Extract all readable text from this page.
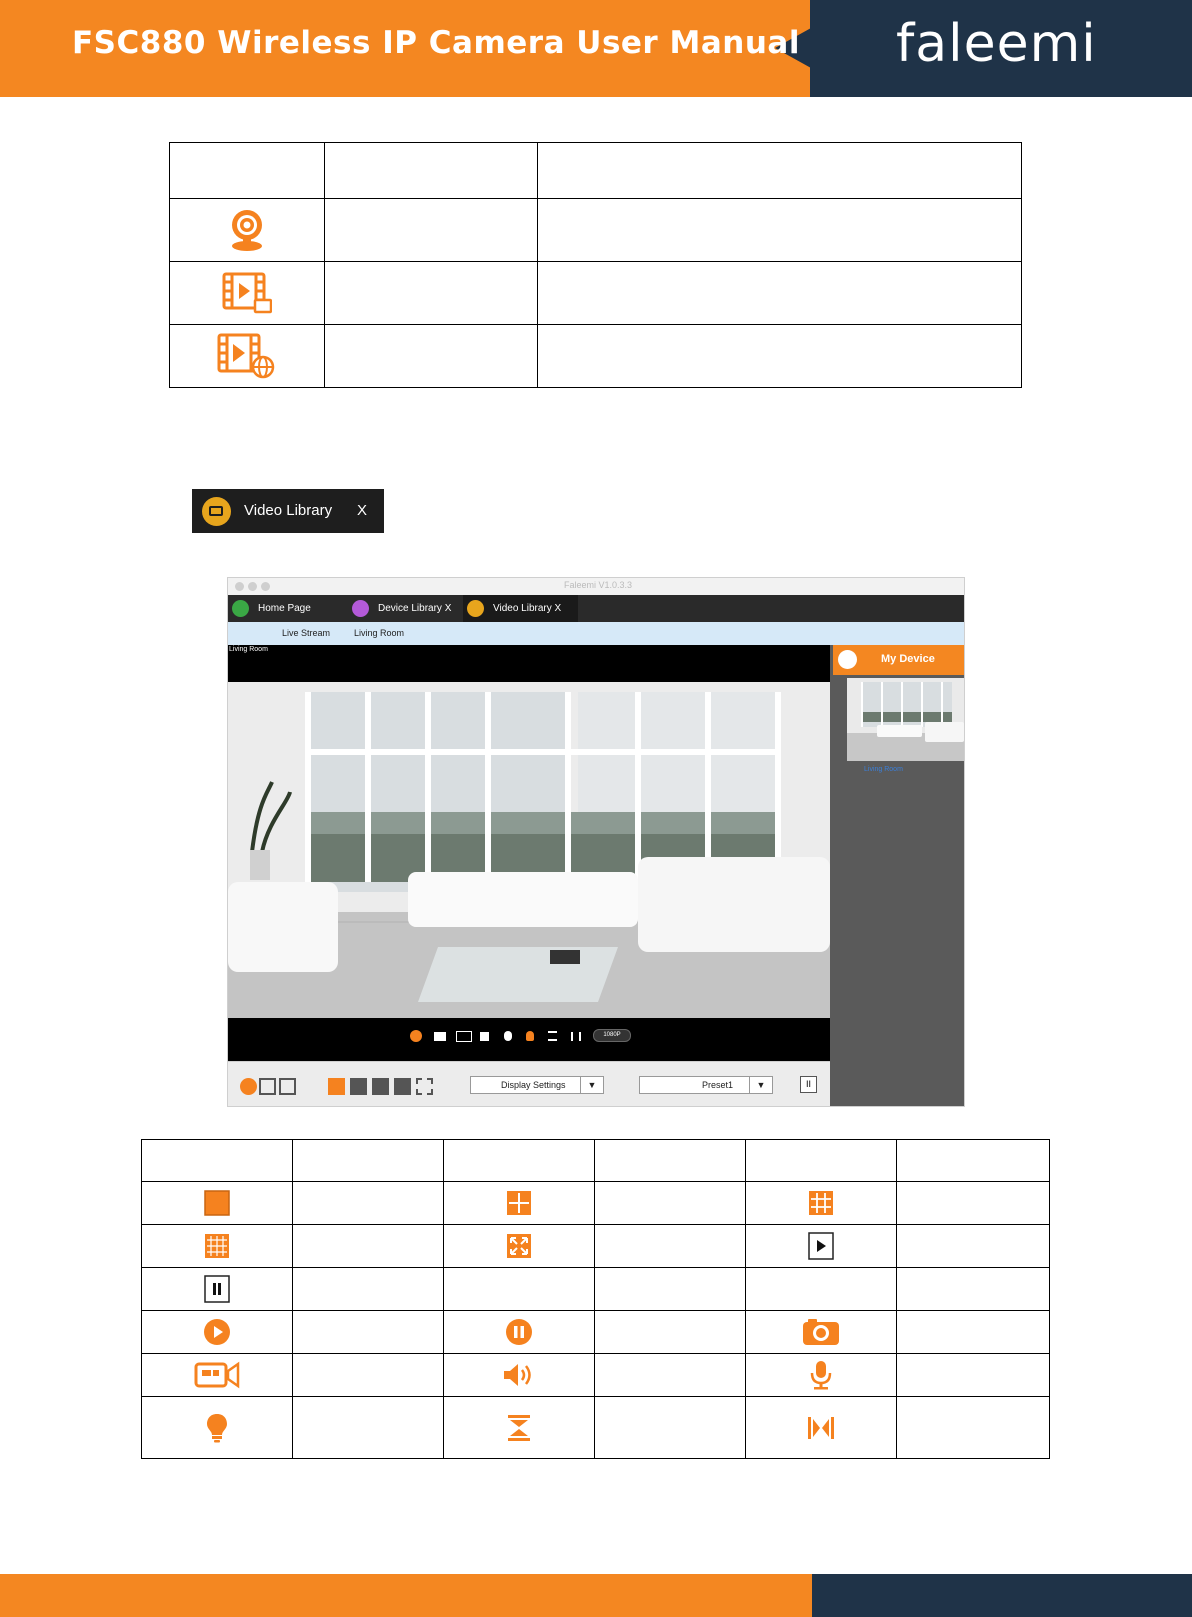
FSC880 Wireless IP Camera User Manual faleemi

Video Library X
Faleemi V1.0.3.3
Home Page	Device Library X	Video Library X
Live Stream	Living Room
Living Room
1080P
My Device
Living Room
Display Settings	▼	Preset1	▼	II
